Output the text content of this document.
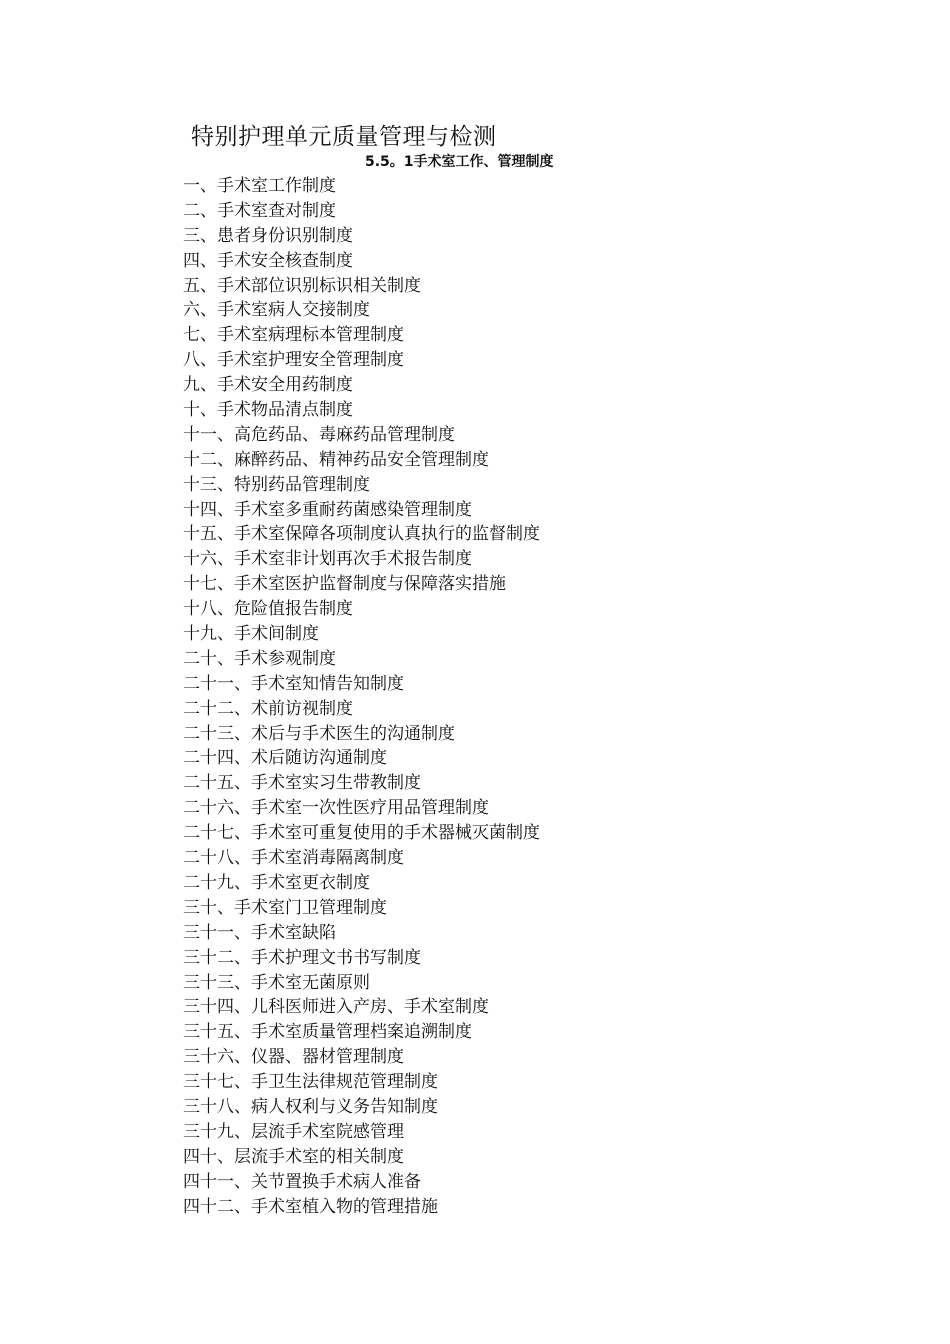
特别护理单元质量管理与检测
5.5。1手术室工作、管理制度
一、手术室工作制度
二、手术室查对制度
三、患者身份识别制度
四、手术安全核查制度
五、手术部位识别标识相关制度
六、手术室病人交接制度
七、手术室病理标本管理制度
八、手术室护理安全管理制度
九、手术安全用药制度
十、手术物品清点制度
十一、高危药品、毒麻药品管理制度
十二、麻醉药品、精神药品安全管理制度
十三、特别药品管理制度
十四、手术室多重耐药菌感染管理制度
十五、手术室保障各项制度认真执行的监督制度
十六、手术室非计划再次手术报告制度
十七、手术室医护监督制度与保障落实措施
十八、危险值报告制度
十九、手术间制度
二十、手术参观制度
二十一、手术室知情告知制度
二十二、术前访视制度
二十三、术后与手术医生的沟通制度
二十四、术后随访沟通制度
二十五、手术室实习生带教制度
二十六、手术室一次性医疗用品管理制度
二十七、手术室可重复使用的手术器械灭菌制度
二十八、手术室消毒隔离制度
二十九、手术室更衣制度
三十、手术室门卫管理制度
三十一、手术室缺陷
三十二、手术护理文书书写制度
三十三、手术室无菌原则
三十四、儿科医师进入产房、手术室制度
三十五、手术室质量管理档案追溯制度
三十六、仪器、器材管理制度
三十七、手卫生法律规范管理制度
三十八、病人权利与义务告知制度
三十九、层流手术室院感管理
四十、层流手术室的相关制度
四十一、关节置换手术病人准备
四十二、手术室植入物的管理措施
